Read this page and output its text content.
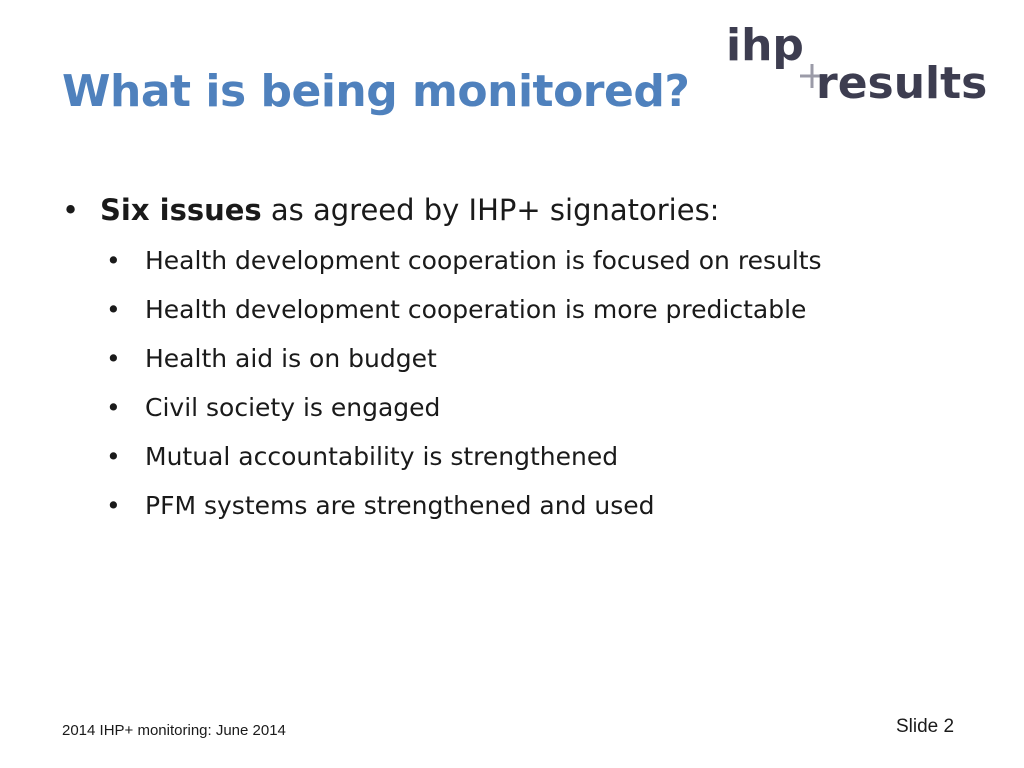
What is being monitored?
ihp
results
• Six issues as agreed by IHP+ signatories:
• Health development cooperation is focused on results
• Health development cooperation is more predictable
• Health aid is on budget
• Civil society is engaged
• Mutual accountability is strengthened
• PFM systems are strengthened and used
2014 IHP+ monitoring: June 2014	Slide 2
